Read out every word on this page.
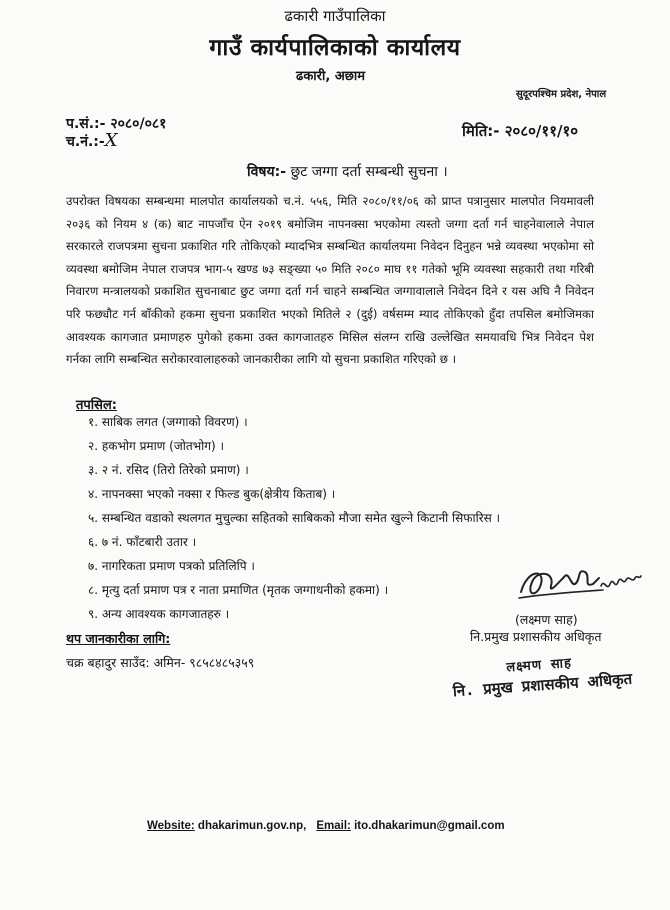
ढकारी गाउँपालिका
गाउँ कार्यपालिकाको कार्यालय
ढकारी, अछाम
सुदूरपश्चिम प्रदेश, नेपाल
प.सं.:- २०८०/०८१
च.नं.:-X	मिति:- २०८०/११/१०
विषय:- छुट जग्गा दर्ता सम्बन्धी सुचना ।

उपरोक्त विषयका सम्बन्धमा मालपोत कार्यालयको च.नं. ५५६, मिति २०८०/११/०६ को प्राप्त पत्रानुसार मालपोत नियमावली २०३६ को नियम ४ (क) बाट नापजाँच ऐन २०१९ बमोजिम नापनक्सा भएकोमा त्यस्तो जग्गा दर्ता गर्न चाहनेवालाले नेपाल सरकारले राजपत्रमा सुचना प्रकाशित गरि तोकिएको म्यादभित्र सम्बन्धित कार्यालयमा निवेदन दिनुहन भन्ने व्यवस्था भएकोमा सो व्यवस्था बमोजिम नेपाल राजपत्र भाग-५ खण्ड ७३ सङ्ख्या ५० मिति २०८० माघ ११ गतेको भूमि व्यवस्था सहकारी तथा गरिबी निवारण मन्त्रालयको प्रकाशित सुचनाबाट छुट जग्गा दर्ता गर्न चाहने सम्बन्धित जग्गावालाले निवेदन दिने र यस अघि नै निवेदन परि फछ्यौट गर्न बाँकीको हकमा सुचना प्रकाशित भएको मितिले २ (दुई) वर्षसम्म म्याद तोकिएको हुँदा तपसिल बमोजिमका आवश्यक कागजात प्रमाणहरु पुगेको हकमा उक्त कागजातहरु मिसिल संलग्न राखि उल्लेखित समयावधि भित्र निवेदन पेश गर्नका लागि सम्बन्धित सरोकारवालाहरुको जानकारीका लागि यो सुचना प्रकाशित गरिएको छ ।

तपसिल:
१. साबिक लगत (जग्गाको विवरण) ।
२. हकभोग प्रमाण (जोतभोग) ।
३. २ नं. रसिद (तिरो तिरेको प्रमाण) ।
४. नापनक्सा भएको नक्सा र फिल्ड बुक(क्षेत्रीय किताब) ।
५. सम्बन्धित वडाको स्थलगत मुचुल्का सहितको साबिकको मौजा समेत खुल्ने किटानी सिफारिस ।
६. ७ नं. फाँटबारी उतार ।
७. नागरिकता प्रमाण पत्रको प्रतिलिपि ।
८. मृत्यु दर्ता प्रमाण पत्र र नाता प्रमाणित (मृतक जग्गाधनीको हकमा) ।
९. अन्य आवश्यक कागजातहरु ।	(लक्ष्मण साह)
नि.प्रमुख प्रशासकीय अधिकृत
लक्ष्मण साह
नि. प्रमुख प्रशासकीय अधिकृत
थप जानकारीका लागि:
चक्र बहादुर साउँद: अमिन- ९८५८४८५३५९
Website: dhakarimun.gov.np, Email: ito.dhakarimun@gmail.com
